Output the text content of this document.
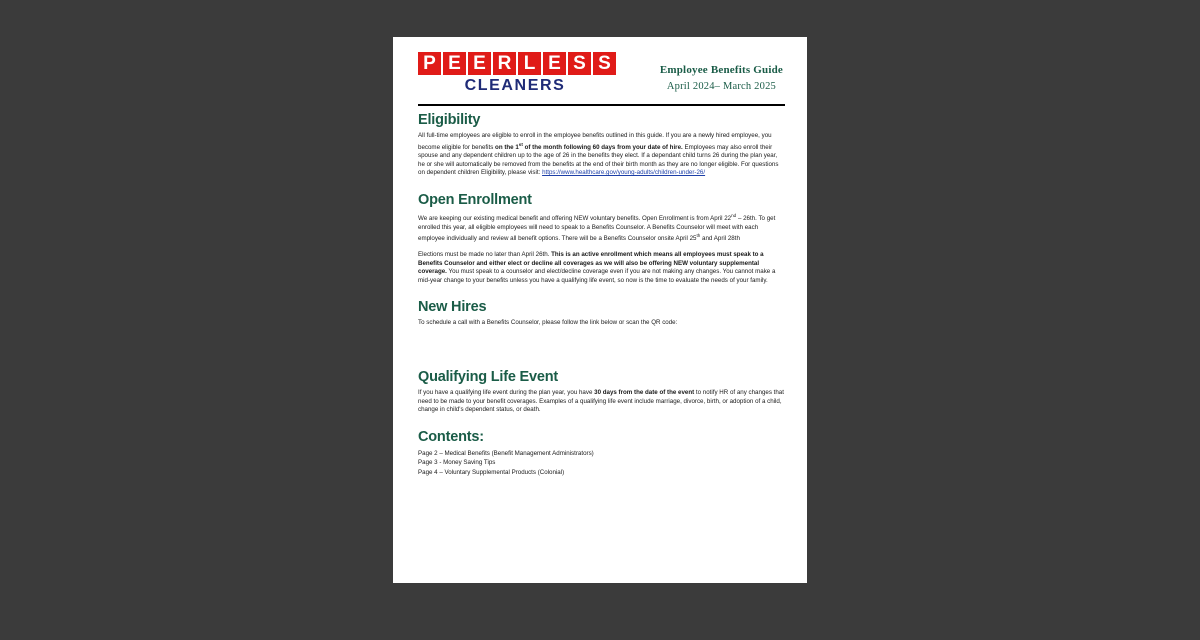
P E E R L E S S
CLEANERS
Employee Benefits Guide
April 2024– March 2025
Eligibility

All full-time employees are eligible to enroll in the employee benefits outlined in this guide. If you are a newly hired employee, you become eligible for benefits on the 1st of the month following 60 days from your date of hire. Employees may also enroll their spouse and any dependent children up to the age of 26 in the benefits they elect. If a dependant child turns 26 during the plan year, he or she will automatically be removed from the benefits at the end of their birth month as they are no longer eligible. For questions on dependent children Eligibility, please visit: https://www.healthcare.gov/young-adults/children-under-26/

Open Enrollment

We are keeping our existing medical benefit and offering NEW voluntary benefits. Open Enrollment is from April 22nd – 26th. To get enrolled this year, all eligible employees will need to speak to a Benefits Counselor. A Benefits Counselor will meet with each employee individually and review all benefit options. There will be a Benefits Counselor onsite April 25th and April 28th

Elections must be made no later than April 26th. This is an active enrollment which means all employees must speak to a Benefits Counselor and either elect or decline all coverages as we will also be offering NEW voluntary supplemental coverage. You must speak to a counselor and elect/decline coverage even if you are not making any changes. You cannot make a mid-year change to your benefits unless you have a qualifying life event, so now is the time to evaluate the needs of your family.

New Hires

To schedule a call with a Benefits Counselor, please follow the link below or scan the QR code:

Qualifying Life Event

If you have a qualifying life event during the plan year, you have 30 days from the date of the event to notify HR of any changes that need to be made to your benefit coverages. Examples of a qualifying life event include marriage, divorce, birth, or adoption of a child, change in child's dependent status, or death.

Contents:
Page 2 – Medical Benefits (Benefit Management Administrators)
Page 3 - Money Saving Tips
Page 4 – Voluntary Supplemental Products (Colonial)
